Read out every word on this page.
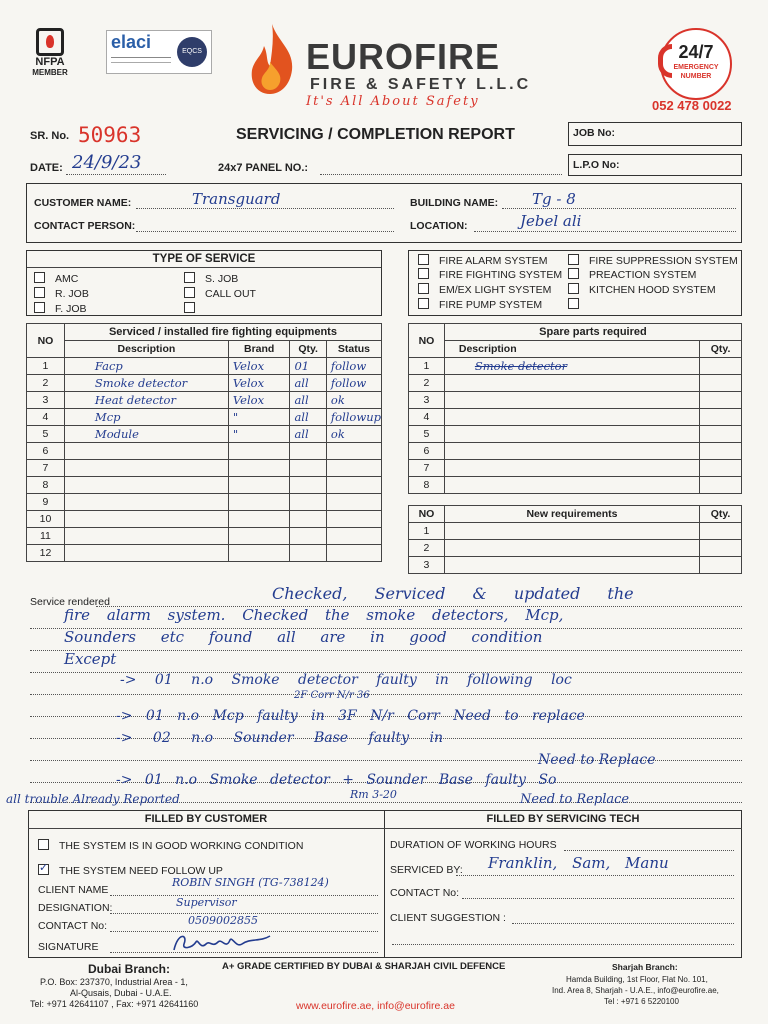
NFPA
MEMBER
elaci	EQCS	EUROFIRE
FIRE & SAFETY L.L.C
It's All About Safety
24/7
EMERGENCY NUMBER
052 478 0022
SR. No. 50963	SERVICING / COMPLETION REPORT	JOB No:
DATE: 24/9/23	24x7 PANEL NO.:	L.P.O No:
CUSTOMER NAME:	Transguard
CONTACT PERSON:
BUILDING NAME: Tg - 8
LOCATION:	Jebel ali
TYPE OF SERVICE
AMC
R. JOB
F. JOB
S. JOB
CALL OUT
FIRE ALARM SYSTEM
FIRE FIGHTING SYSTEM
EM/EX LIGHT SYSTEM
FIRE PUMP SYSTEM
FIRE SUPPRESSION SYSTEM
PREACTION SYSTEM
KITCHEN HOOD SYSTEM
NO	Serviced / installed fire fighting equipments			
	Description	Brand	Qty.	Status
1	Facp	Velox	01	follow
2	Smoke detector	Velox	all	follow
3	Heat detector	Velox	all	ok
4	Mcp	"	all	followup
5	Module	"	all	ok
6				
7				
8				
9				
10				
11				
12				
NO	Spare parts required	
	Description	Qty.
1	Smoke detector	
2		
3		
4		
5		
6		
7		
8		
NO	New requirements	Qty.
1		
2		
3		
Service rendered	Checked, Serviced & updated the
fire alarm system. Checked the smoke detectors, Mcp,
Sounders etc found all are in good condition
Except
-> 01 n.o Smoke detector faulty in following loc
2F Corr N/r 36
-> 01 n.o Mcp faulty in 3F N/r Corr Need to replace
-> 02 n.o Sounder Base faulty in
Need to Replace
-> 01 n.o Smoke detector + Sounder Base faulty So
all trouble Already Reported	Rm 3-20	Need to Replace
FILLED BY CUSTOMER	FILLED BY SERVICING TECH
THE SYSTEM IS IN GOOD WORKING CONDITION
✓ THE SYSTEM NEED FOLLOW UP
CLIENT NAME
ROBIN SINGH (TG-738124)
DESIGNATION:	Supervisor
CONTACT No:	0509002855
SIGNATURE
DURATION OF WORKING HOURS
SERVICED BY: Franklin, Sam, Manu
CONTACT No:
CLIENT SUGGESTION :
Dubai Branch:
P.O. Box: 237370, Industrial Area - 1,
Al-Qusais, Dubai - U.A.E.
Tel: +971 42641107 , Fax: +971 42641160
A+ GRADE CERTIFIED BY DUBAI & SHARJAH CIVIL DEFENCE
www.eurofire.ae, info@eurofire.ae
Sharjah Branch:
Hamda Building, 1st Floor, Flat No. 101,
Ind. Area 8, Sharjah - U.A.E., info@eurofire.ae,
Tel : +971 6 5220100
